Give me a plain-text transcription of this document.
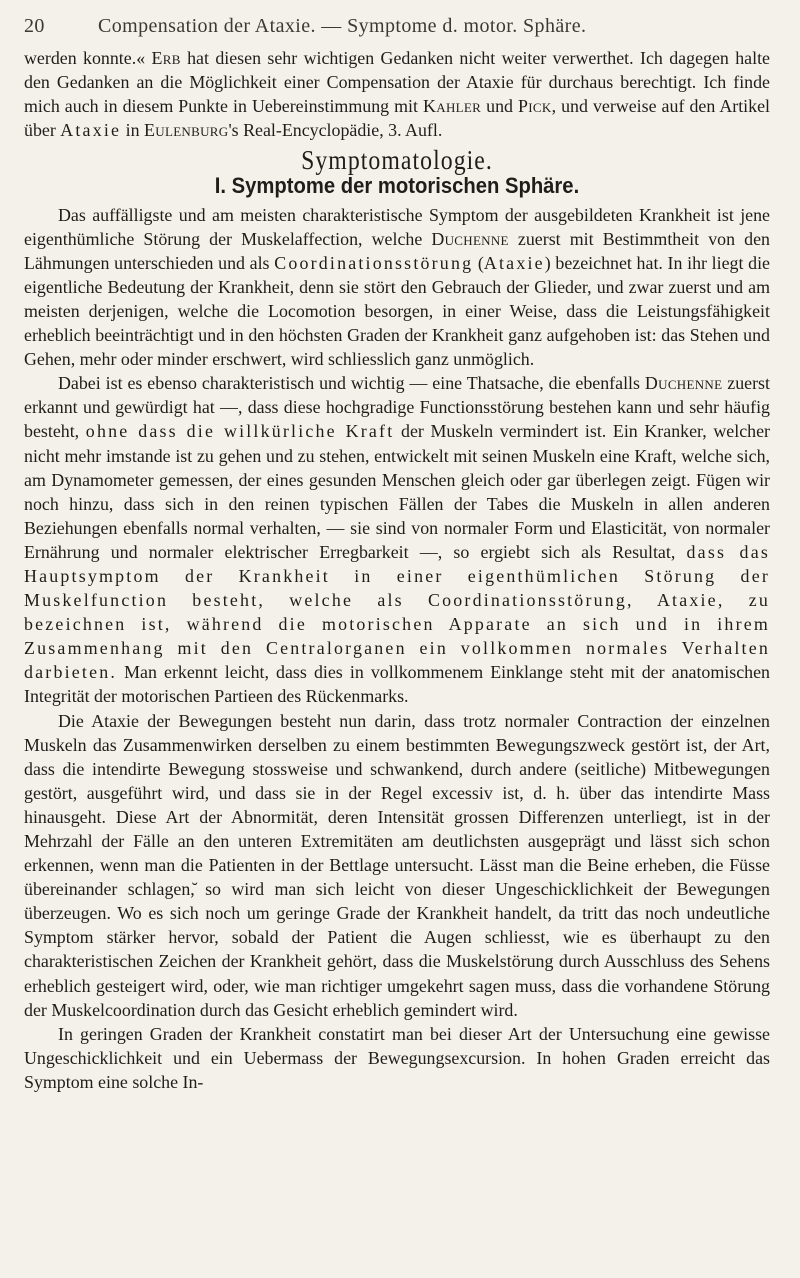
20	Compensation der Ataxie. — Symptome d. motor. Sphäre.

werden konnte.« Erb hat diesen sehr wichtigen Gedanken nicht weiter verwerthet. Ich dagegen halte den Gedanken an die Möglichkeit einer Compensation der Ataxie für durchaus berechtigt. Ich finde mich auch in diesem Punkte in Uebereinstimmung mit Kahler und Pick, und verweise auf den Artikel über Ataxie in Eulenburg's Real-Encyclopädie, 3. Aufl.

Symptomatologie.
I. Symptome der motorischen Sphäre.

Das auffälligste und am meisten charakteristische Symptom der ausgebildeten Krankheit ist jene eigenthümliche Störung der Muskelaffection, welche Duchenne zuerst mit Bestimmtheit von den Lähmungen unterschieden und als Coordinationsstörung (Ataxie) bezeichnet hat. In ihr liegt die eigentliche Bedeutung der Krankheit, denn sie stört den Gebrauch der Glieder, und zwar zuerst und am meisten derjenigen, welche die Locomotion besorgen, in einer Weise, dass die Leistungsfähigkeit erheblich beeinträchtigt und in den höchsten Graden der Krankheit ganz aufgehoben ist: das Stehen und Gehen, mehr oder minder erschwert, wird schliesslich ganz unmöglich.

Dabei ist es ebenso charakteristisch und wichtig — eine Thatsache, die ebenfalls Duchenne zuerst erkannt und gewürdigt hat —, dass diese hochgradige Functionsstörung bestehen kann und sehr häufig besteht, ohne dass die willkürliche Kraft der Muskeln vermindert ist. Ein Kranker, welcher nicht mehr imstande ist zu gehen und zu stehen, entwickelt mit seinen Muskeln eine Kraft, welche sich, am Dynamometer gemessen, der eines gesunden Menschen gleich oder gar überlegen zeigt. Fügen wir noch hinzu, dass sich in den reinen typischen Fällen der Tabes die Muskeln in allen anderen Beziehungen ebenfalls normal verhalten, — sie sind von normaler Form und Elasticität, von normaler Ernährung und normaler elektrischer Erregbarkeit —, so ergiebt sich als Resultat, dass das Hauptsymptom der Krankheit in einer eigenthümlichen Störung der Muskelfunction besteht, welche als Coordinationsstörung, Ataxie, zu bezeichnen ist, während die motorischen Apparate an sich und in ihrem Zusammenhang mit den Centralorganen ein vollkommen normales Verhalten darbieten. Man erkennt leicht, dass dies in vollkommenem Einklange steht mit der anatomischen Integrität der motorischen Partieen des Rückenmarks.

Die Ataxie der Bewegungen besteht nun darin, dass trotz normaler Contraction der einzelnen Muskeln das Zusammenwirken derselben zu einem bestimmten Bewegungszweck gestört ist, der Art, dass die intendirte Bewegung stossweise und schwankend, durch andere (seitliche) Mitbewegungen gestört, ausgeführt wird, und dass sie in der Regel excessiv ist, d. h. über das intendirte Mass hinausgeht. Diese Art der Abnormität, deren Intensität grossen Differenzen unterliegt, ist in der Mehrzahl der Fälle an den unteren Extremitäten am deutlichsten ausgeprägt und lässt sich schon erkennen, wenn man die Patienten in der Bettlage untersucht. Lässt man die Beine erheben, die Füsse übereinander schlagen,̆ so wird man sich leicht von dieser Ungeschicklichkeit der Bewegungen überzeugen. Wo es sich noch um geringe Grade der Krankheit handelt, da tritt das noch undeutliche Symptom stärker hervor, sobald der Patient die Augen schliesst, wie es überhaupt zu den charakteristischen Zeichen der Krankheit gehört, dass die Muskelstörung durch Ausschluss des Sehens erheblich gesteigert wird, oder, wie man richtiger umgekehrt sagen muss, dass die vorhandene Störung der Muskelcoordination durch das Gesicht erheblich gemindert wird.

In geringen Graden der Krankheit constatirt man bei dieser Art der Untersuchung eine gewisse Ungeschicklichkeit und ein Uebermass der Bewegungsexcursion. In hohen Graden erreicht das Symptom eine solche In-
